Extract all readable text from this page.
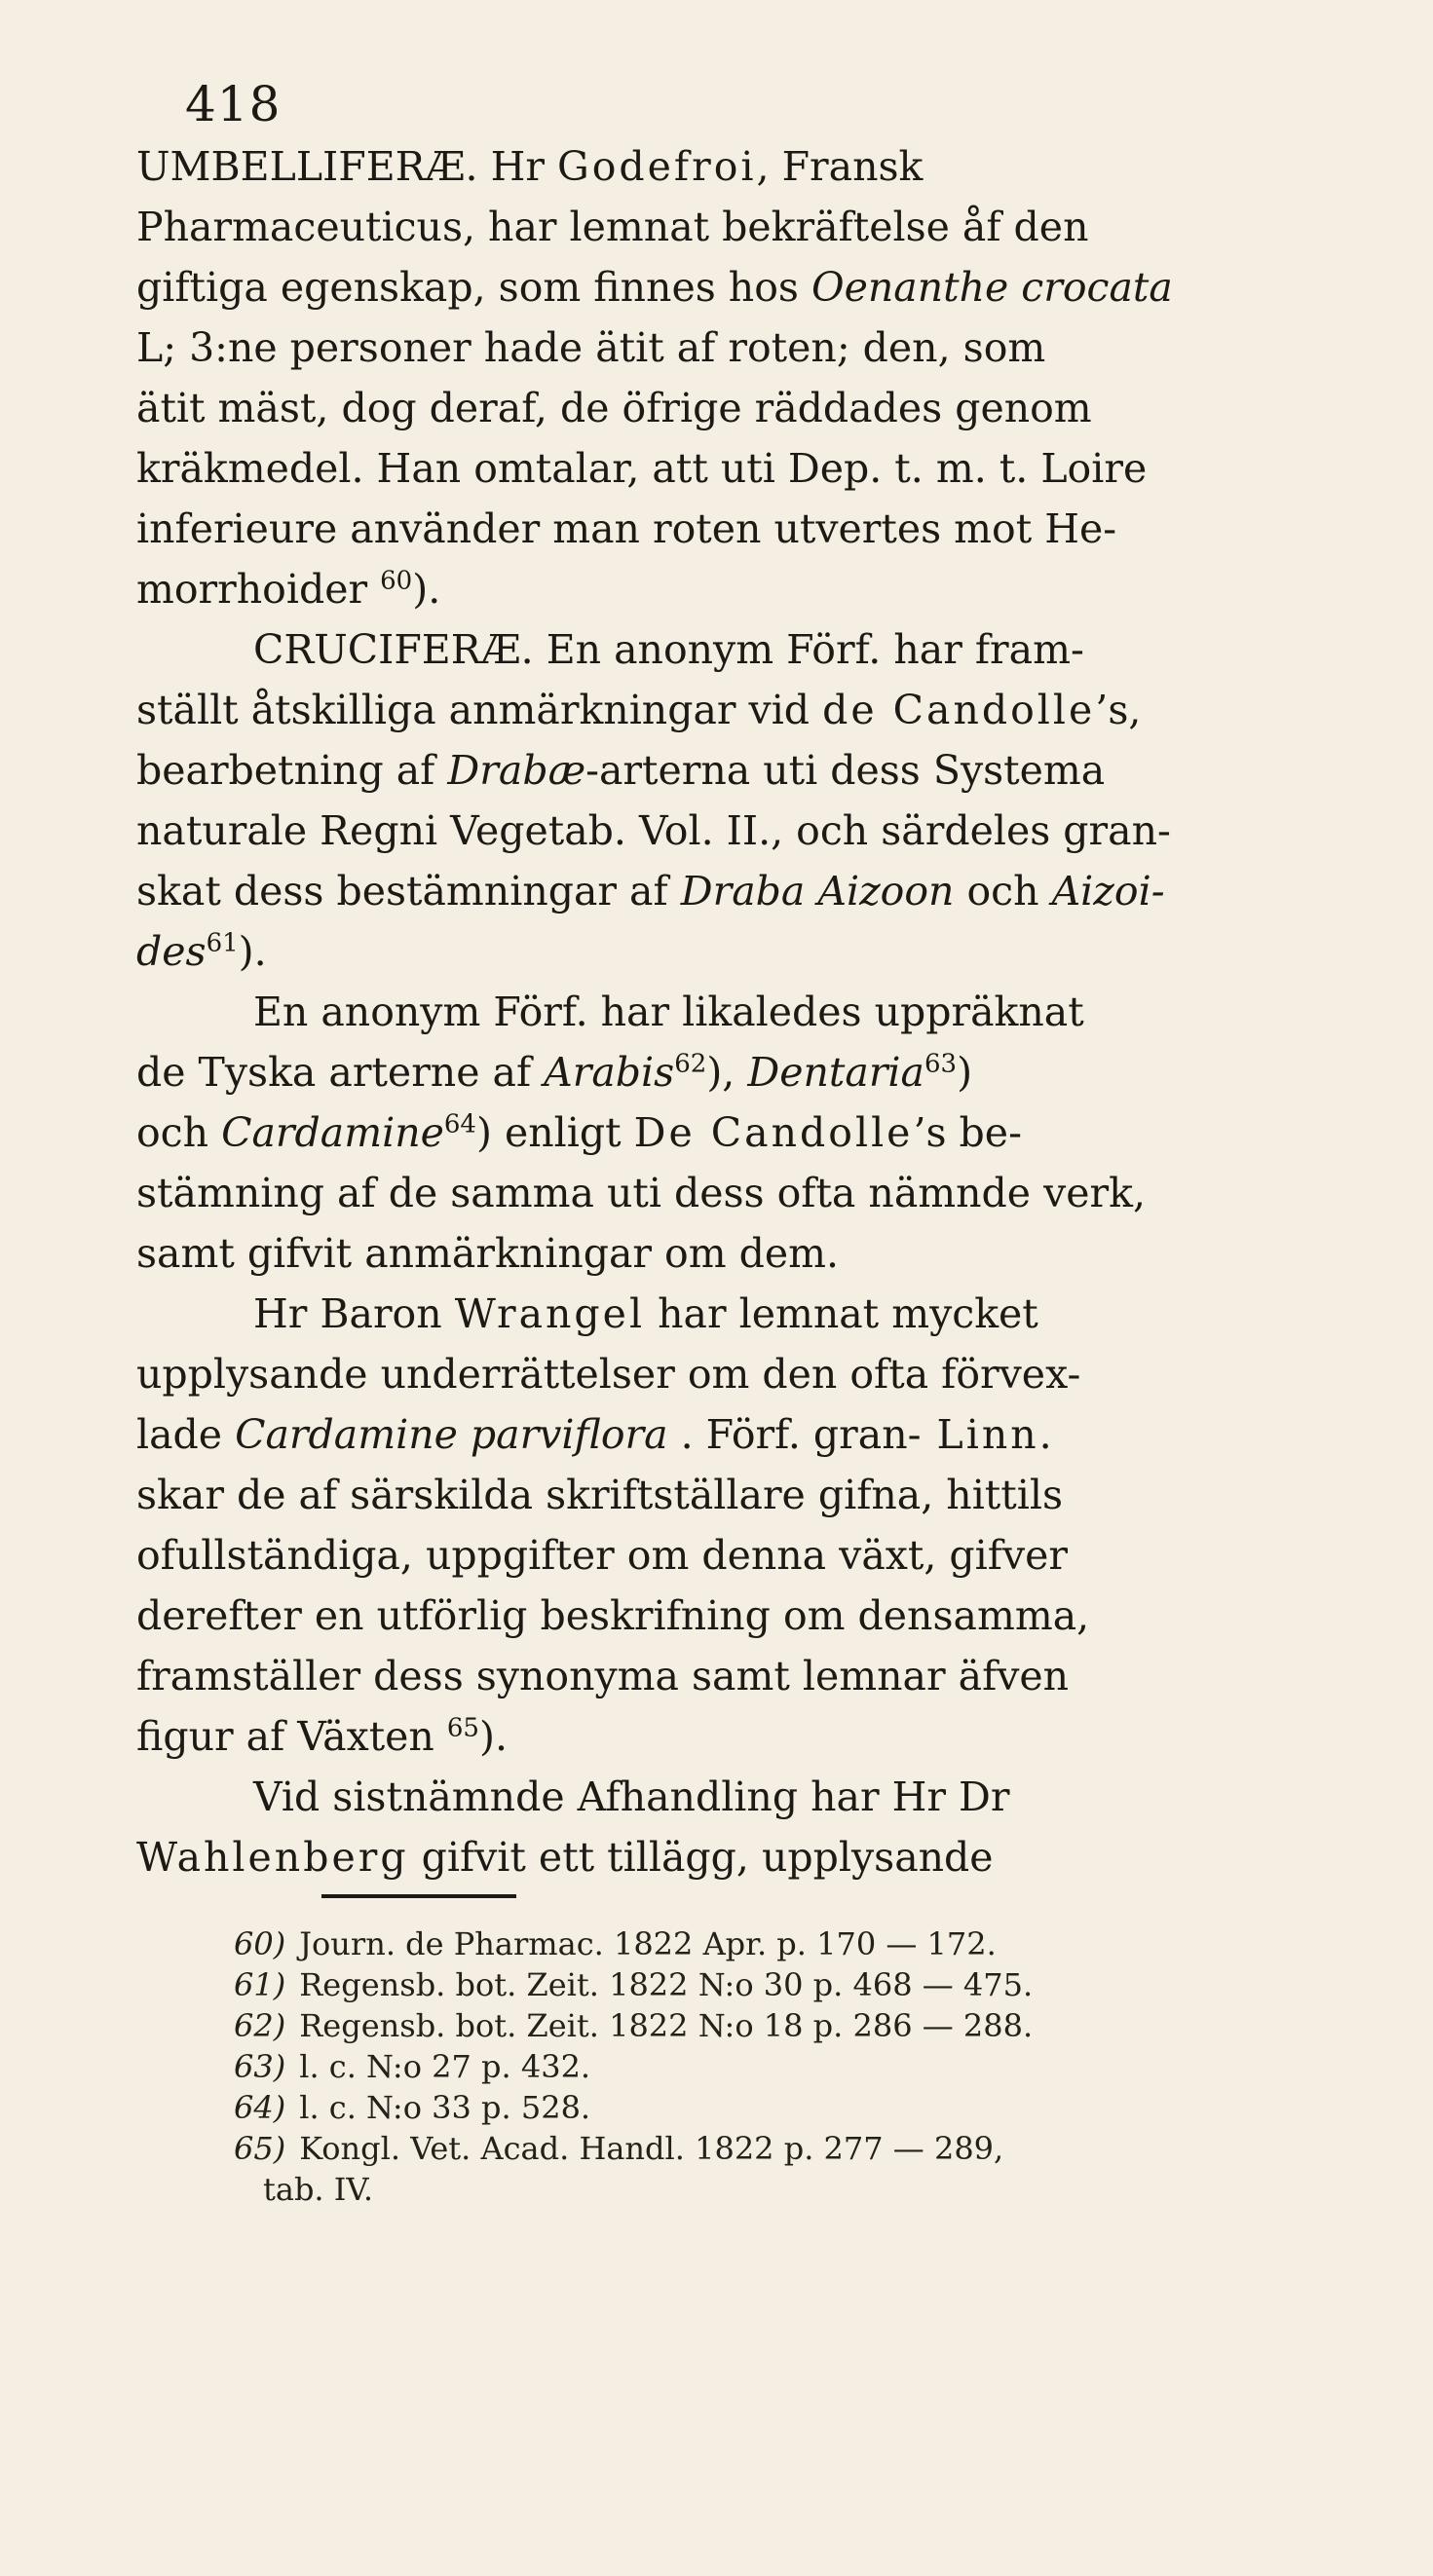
418
UMBELLIFERÆ. Hr Godefroi, Fransk
Pharmaceuticus, har lemnat bekräftelse åf den
giftiga egenskap, som finnes hos Oenanthe crocata
L; 3:ne personer hade ätit af roten; den, som
ätit mäst, dog deraf, de öfrige räddades genom
kräkmedel. Han omtalar, att uti Dep. t. m. t. Loire
inferieure använder man roten utvertes mot He-
morrhoider $^{60}$).
CRUCIFERÆ. En anonym Förf. har fram-
ställt åtskilliga anmärkningar vid de Candolle’s,
bearbetning af Drabæ-arterna uti dess Systema
naturale Regni Vegetab. Vol. II., och särdeles gran-
skat dess bestämningar af Draba Aizoon och Aizoi-
des$^{61}$).
En anonym Förf. har likaledes uppräknat
de Tyska arterne af Arabis$^{62}$), Dentaria$^{63}$)
och Cardamine$^{64}$) enligt De Candolle’s be-
stämning af de samma uti dess ofta nämnde verk,
samt gifvit anmärkningar om dem.
Hr Baron Wrangel har lemnat mycket
upplysande underrättelser om den ofta förvex-
lade Cardamine parviflora . Förf. gran- Linn.
skar de af särskilda skriftställare gifna, hittils
ofullständiga, uppgifter om denna växt, gifver
derefter en utförlig beskrifning om densamma,
framställer dess synonyma samt lemnar äfven
figur af Växten $^{65}$).
Vid sistnämnde Afhandling har Hr Dr
Wahlenberg gifvit ett tillägg, upplysande
60) Journ. de Pharmac. 1822 Apr. p. 170 — 172.
61) Regensb. bot. Zeit. 1822 N:o 30 p. 468 — 475.
62) Regensb. bot. Zeit. 1822 N:o 18 p. 286 — 288.
63) l. c. N:o 27 p. 432.
64) l. c. N:o 33 p. 528.
65) Kongl. Vet. Acad. Handl. 1822 p. 277 — 289,
tab. IV.
